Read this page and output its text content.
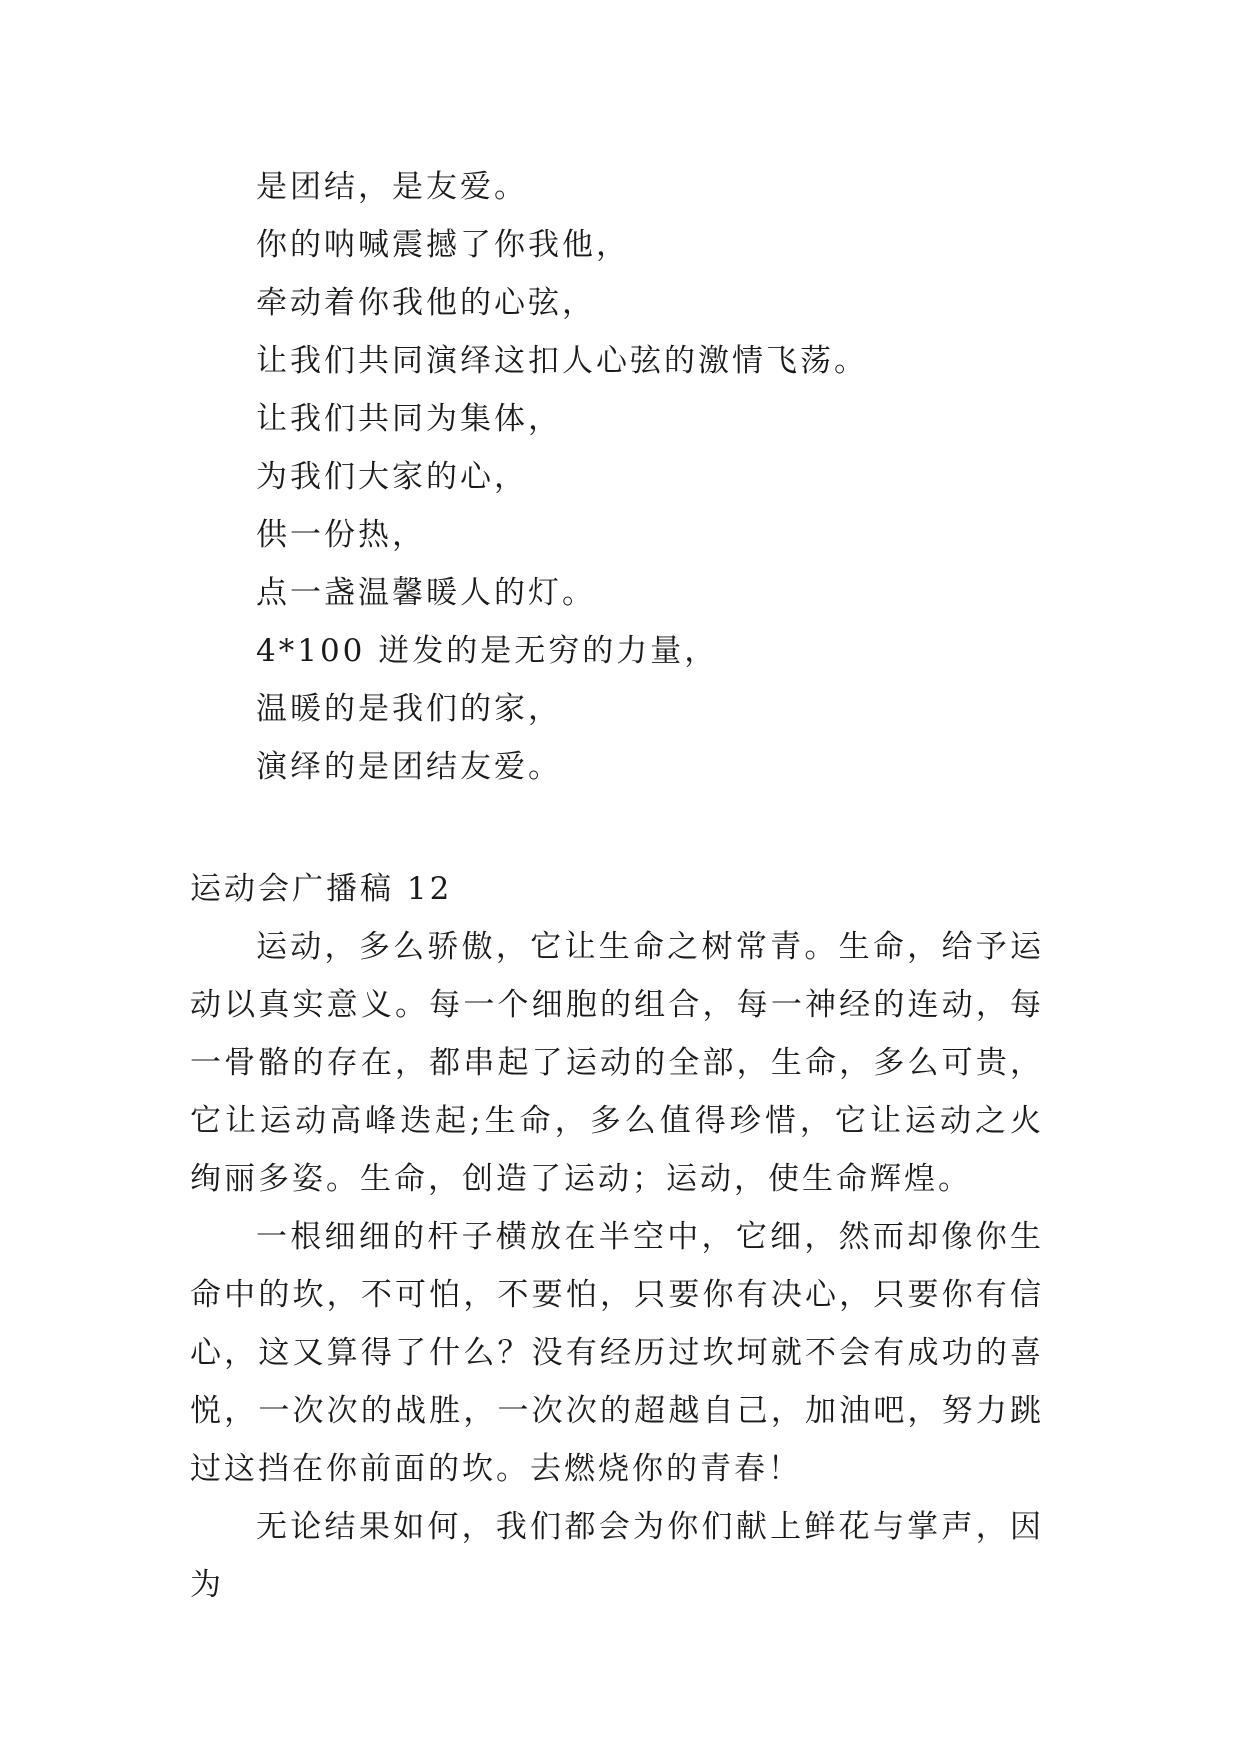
是团结，是友爱。
你的呐喊震撼了你我他，
牵动着你我他的心弦，
让我们共同演绎这扣人心弦的激情飞荡。
让我们共同为集体，
为我们大家的心，
供一份热，
点一盏温馨暖人的灯。
4*100 迸发的是无穷的力量，
温暖的是我们的家，
演绎的是团结友爱。
运动会广播稿 12

运动，多么骄傲，它让生命之树常青。生命，给予运动以真实意义。每一个细胞的组合，每一神经的连动，每一骨骼的存在，都串起了运动的全部，生命，多么可贵，它让运动高峰迭起;生命，多么值得珍惜，它让运动之火绚丽多姿。生命，创造了运动；运动，使生命辉煌。

一根细细的杆子横放在半空中，它细，然而却像你生命中的坎，不可怕，不要怕，只要你有决心，只要你有信心，这又算得了什么？没有经历过坎坷就不会有成功的喜悦，一次次的战胜，一次次的超越自己，加油吧，努力跳过这挡在你前面的坎。去燃烧你的青春！

无论结果如何，我们都会为你们献上鲜花与掌声，因为
